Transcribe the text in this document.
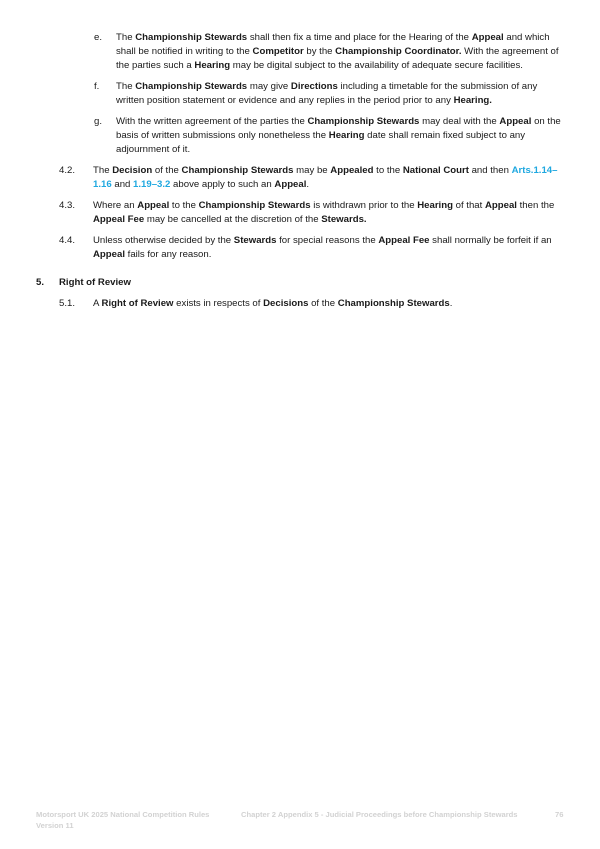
e. The Championship Stewards shall then fix a time and place for the Hearing of the Appeal and which shall be notified in writing to the Competitor by the Championship Coordinator. With the agreement of the parties such a Hearing may be digital subject to the availability of adequate secure facilities.
f. The Championship Stewards may give Directions including a timetable for the submission of any written position statement or evidence and any replies in the period prior to any Hearing.
g. With the written agreement of the parties the Championship Stewards may deal with the Appeal on the basis of written submissions only nonetheless the Hearing date shall remain fixed subject to any adjournment of it.
4.2. The Decision of the Championship Stewards may be Appealed to the National Court and then Arts.1.14–1.16 and 1.19–3.2 above apply to such an Appeal.
4.3. Where an Appeal to the Championship Stewards is withdrawn prior to the Hearing of that Appeal then the Appeal Fee may be cancelled at the discretion of the Stewards.
4.4. Unless otherwise decided by the Stewards for special reasons the Appeal Fee shall normally be forfeit if an Appeal fails for any reason.
5. Right of Review
5.1. A Right of Review exists in respects of Decisions of the Championship Stewards.
Motorsport UK 2025 National Competition Rules
Version 11
Chapter 2 Appendix 5 - Judicial Proceedings before Championship Stewards	76
